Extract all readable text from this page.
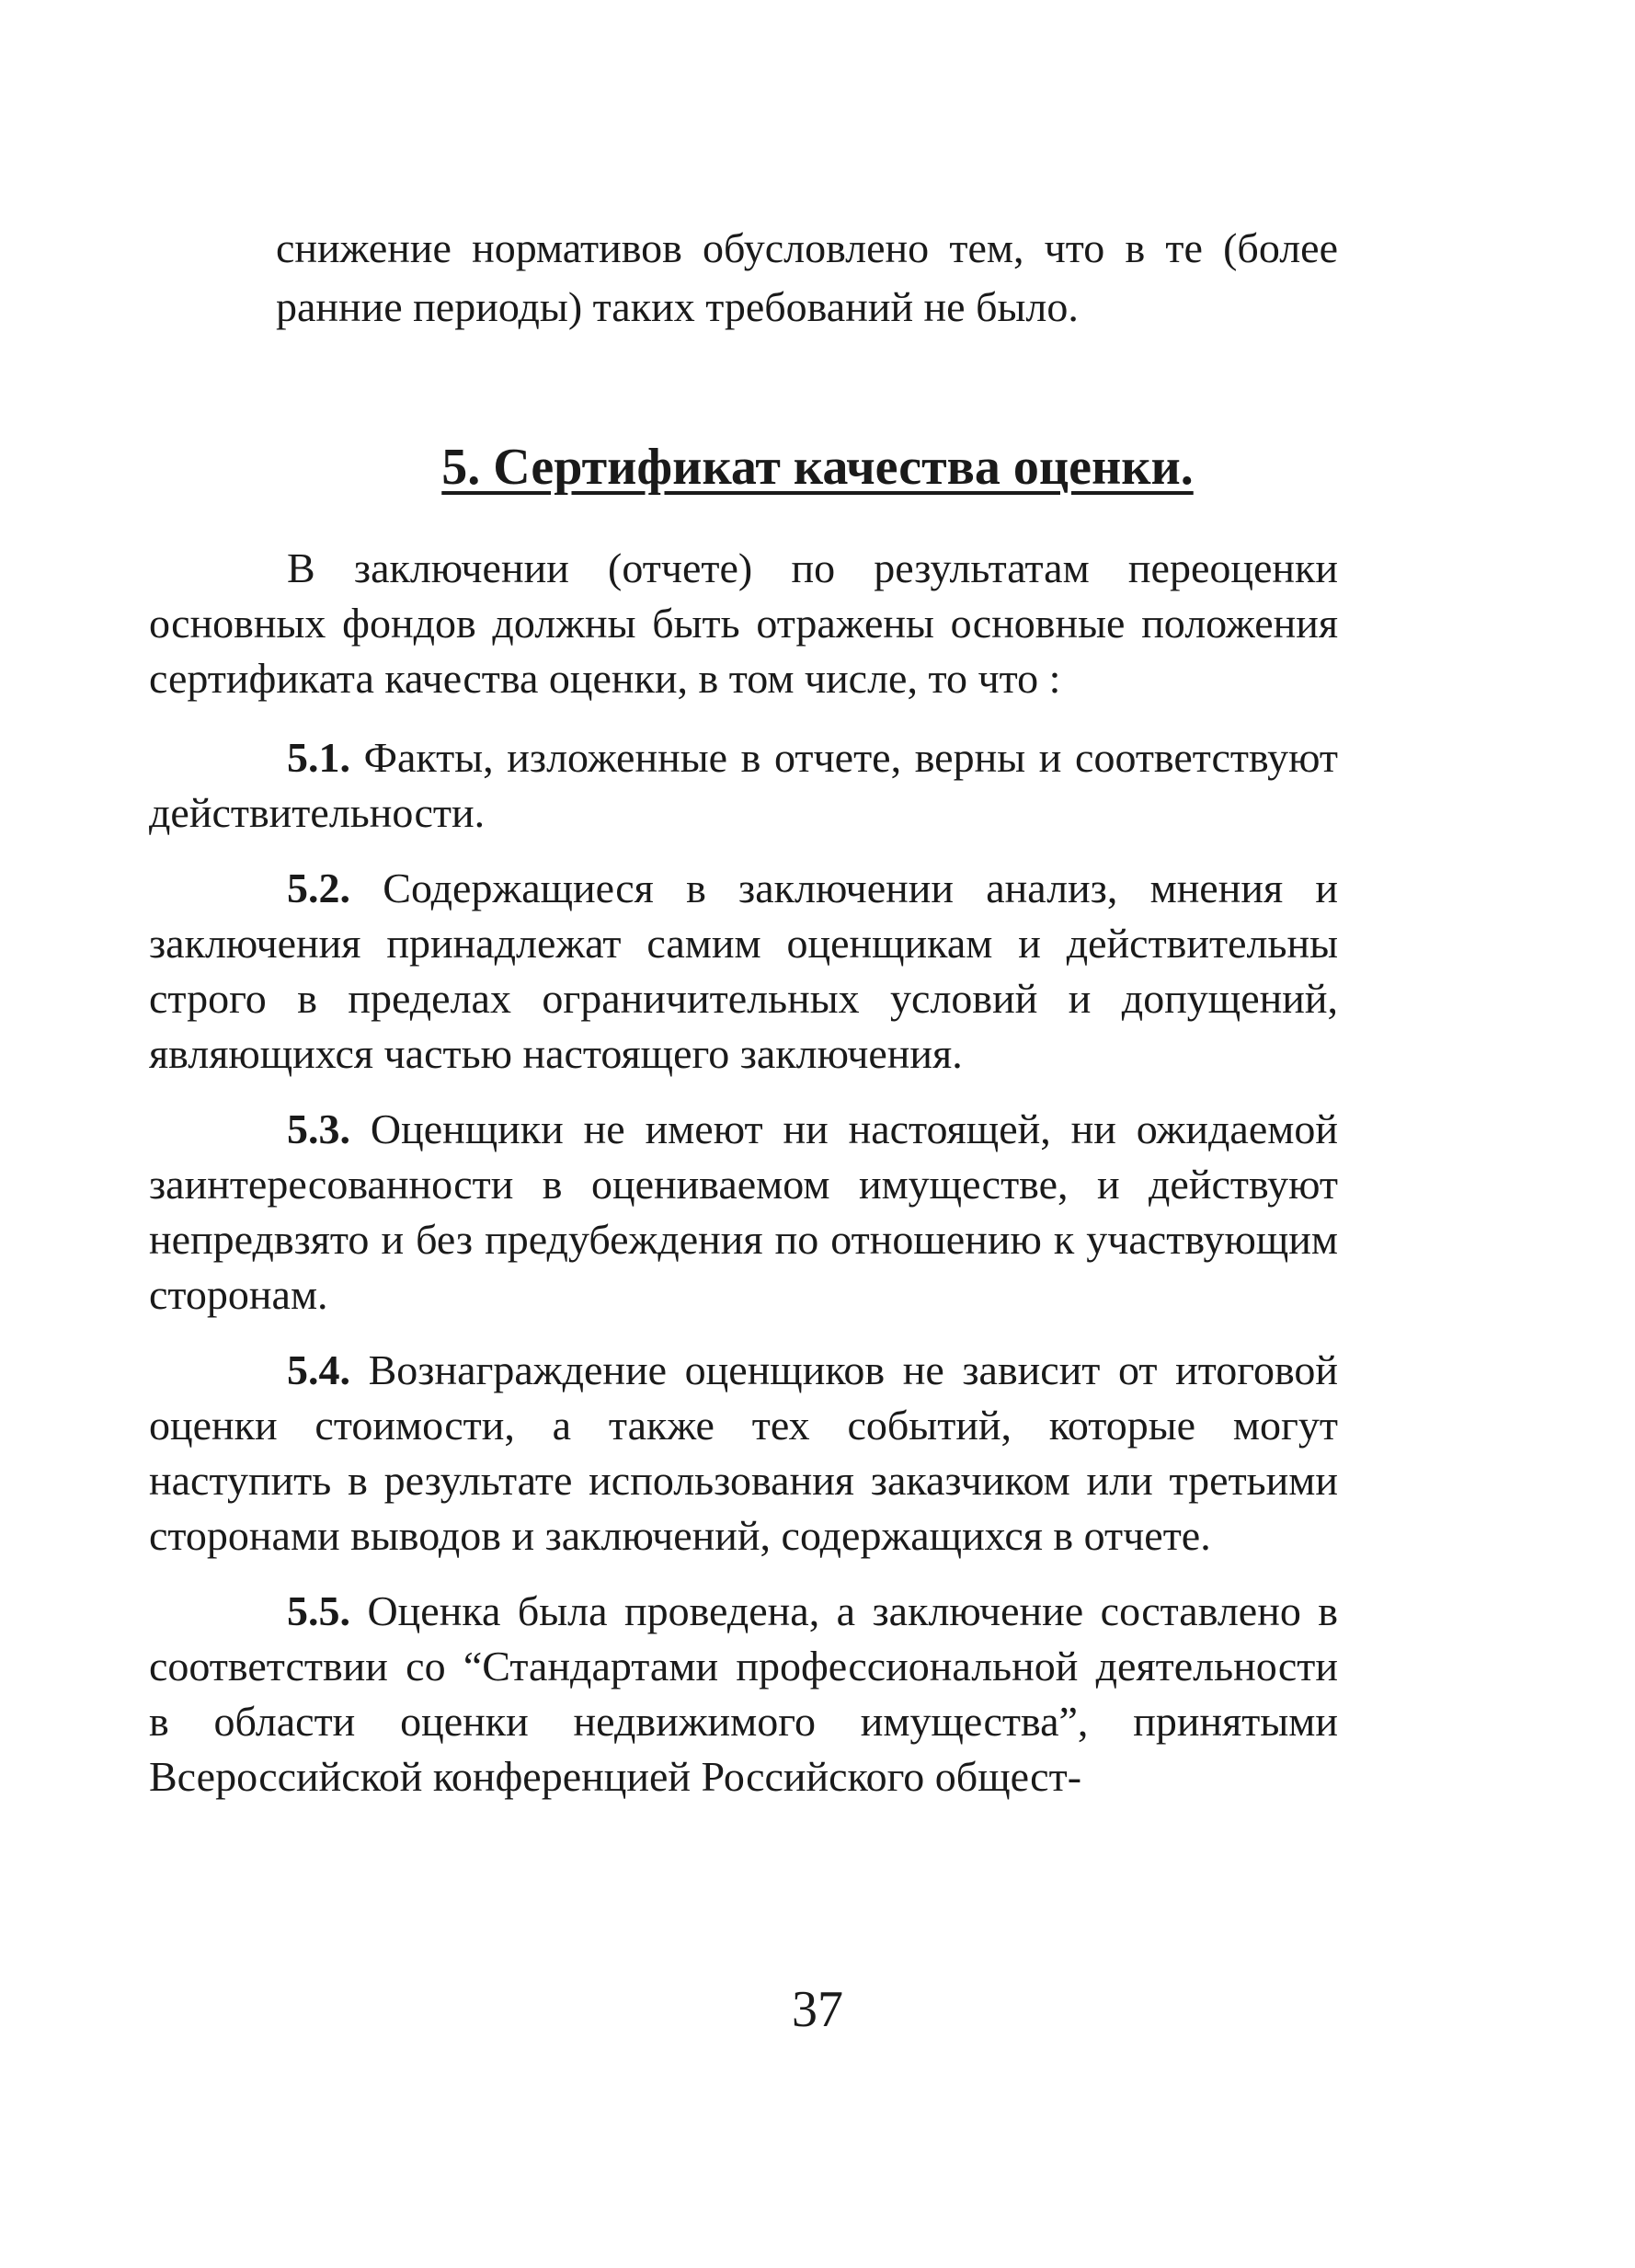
снижение нормативов обусловлено тем, что в те (более ранние периоды) таких требований не было.

5. Сертификат качества оценки.

В заключении (отчете) по результатам переоценки основных фондов должны быть отражены основные положения сертификата качества оценки, в том числе, то что :

5.1. Факты, изложенные в отчете, верны и соответствуют действительности.

5.2. Содержащиеся в заключении анализ, мнения и заключения принадлежат самим оценщикам и действительны строго в пределах ограничительных условий и допущений, являющихся частью настоящего заключения.

5.3. Оценщики не имеют ни настоящей, ни ожидаемой заинтересованности в оцениваемом имуществе, и действуют непредвзято и без предубеждения по отношению к участвующим сторонам.

5.4. Вознаграждение оценщиков не зависит от итоговой оценки стоимости, а также тех событий, которые могут наступить в результате использования заказчиком или третьими сторонами выводов и заключений, содержащихся в отчете.

5.5. Оценка была проведена, а заключение составлено в соответствии со “Стандартами профессиональной деятельности в области оценки недвижимого имущества”, принятыми Всероссийской конференцией Российского общест-

37
